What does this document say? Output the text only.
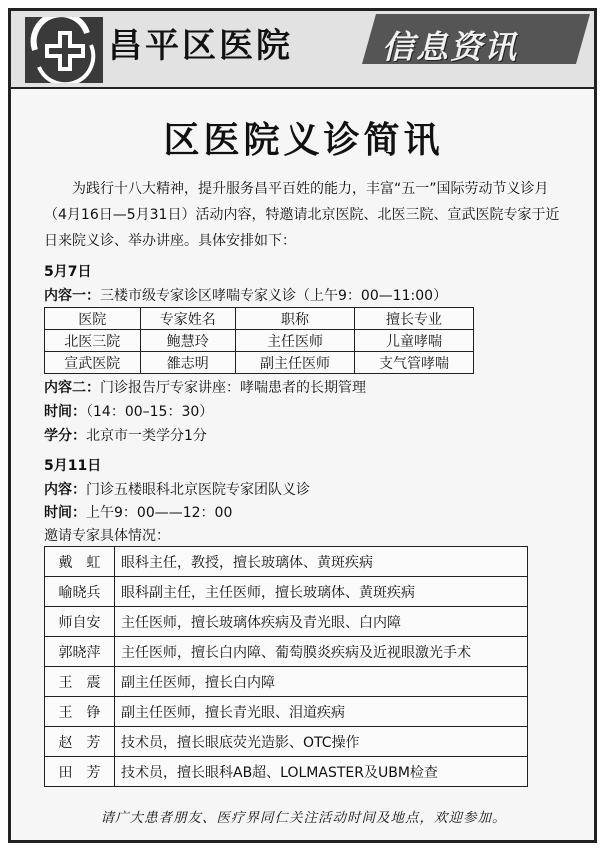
昌平区医院	信息资讯
区医院义诊简讯
为践行十八大精神，提升服务昌平百姓的能力，丰富“五一”国际劳动节义诊月（4月16日—5月31日）活动内容，特邀请北京医院、北医三院、宣武医院专家于近日来院义诊、举办讲座。具体安排如下：
5月7日
内容一：三楼市级专家诊区哮喘专家义诊（上午9：00—11:00）
医院	专家姓名	职称	擅长专业
北医三院	鲍慧玲	主任医师	儿童哮喘
宣武医院	雒志明	副主任医师	支气管哮喘
内容二：门诊报告厅专家讲座：哮喘患者的长期管理
时间：（14：00–15：30）
学分：北京市一类学分1分
5月11日
内容：门诊五楼眼科北京医院专家团队义诊
时间：上午9：00——12：00
邀请专家具体情况：
戴　虹	眼科主任，教授，擅长玻璃体、黄斑疾病
喻晓兵	眼科副主任，主任医师，擅长玻璃体、黄斑疾病
师自安	主任医师，擅长玻璃体疾病及青光眼、白内障
郭晓萍	主任医师，擅长白内障、葡萄膜炎疾病及近视眼激光手术
王　震	副主任医师，擅长白内障
王　铮	副主任医师，擅长青光眼、泪道疾病
赵　芳	技术员，擅长眼底荧光造影、OTC操作
田　芳	技术员，擅长眼科AB超、LOLMASTER及UBM检查
请广大患者朋友、医疗界同仁关注活动时间及地点，欢迎参加。
